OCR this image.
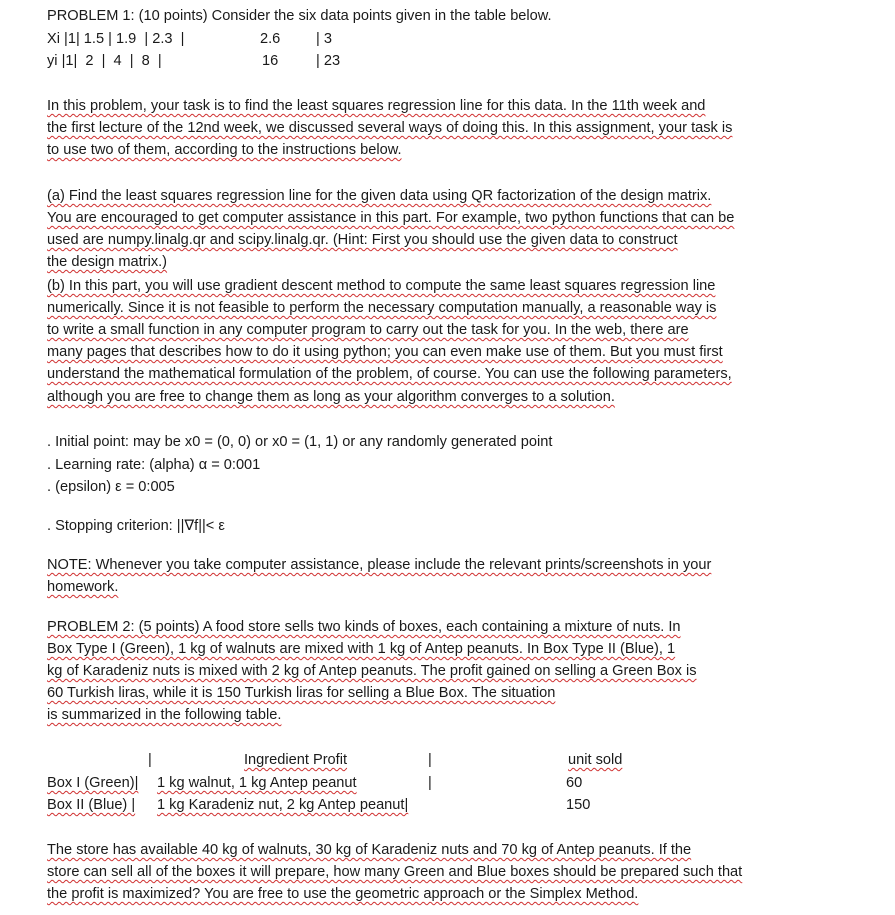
PROBLEM 1: (10 points) Consider the six data points given in the table below.
Xi |1| 1.5 | 1.9  | 2.3  |	2.6 | 3
yi |1|  2  |  4  |  8  |	16	| 23
In this problem, your task is to find the least squares regression line for this data. In the 11th week and
the first lecture of the 12nd week, we discussed several ways of doing this. In this assignment, your task is
to use two of them, according to the instructions below.
(a) Find the least squares regression line for the given data using QR factorization of the design matrix.
You are encouraged to get computer assistance in this part. For example, two python functions that can be
used are numpy.linalg.qr and scipy.linalg.qr. (Hint: First you should use the given data to construct
the design matrix.)
(b) In this part, you will use gradient descent method to compute the same least squares regression line
numerically. Since it is not feasible to perform the necessary computation manually, a reasonable way is
to write a small function in any computer program to carry out the task for you. In the web, there are
many pages that describes how to do it using python; you can even make use of them. But you must first
understand the mathematical formulation of the problem, of course. You can use the following parameters,
although you are free to change them as long as your algorithm converges to a solution.
. Initial point: may be x0 = (0, 0) or x0 = (1, 1) or any randomly generated point
. Learning rate: (alpha) α = 0:001
. (epsilon) ε = 0:005
. Stopping criterion: ||∇f||< ε
NOTE: Whenever you take computer assistance, please include the relevant prints/screenshots in your
homework.
PROBLEM 2: (5 points) A food store sells two kinds of boxes, each containing a mixture of nuts. In
Box Type I (Green), 1 kg of walnuts are mixed with 1 kg of Antep peanuts. In Box Type II (Blue), 1
kg of Karadeniz nuts is mixed with 2 kg of Antep peanuts. The profit gained on selling a Green Box is
60 Turkish liras, while it is 150 Turkish liras for selling a Blue Box. The situation
is summarized in the following table.
|	Ingredient Profit	|	unit sold
Box I (Green)| 1 kg walnut, 1 kg Antep peanut	|	60
Box II (Blue) | 1 kg Karadeniz nut, 2 kg Antep peanut|	150
The store has available 40 kg of walnuts, 30 kg of Karadeniz nuts and 70 kg of Antep peanuts. If the
store can sell all of the boxes it will prepare, how many Green and Blue boxes should be prepared such that
the profit is maximized? You are free to use the geometric approach or the Simplex Method.
